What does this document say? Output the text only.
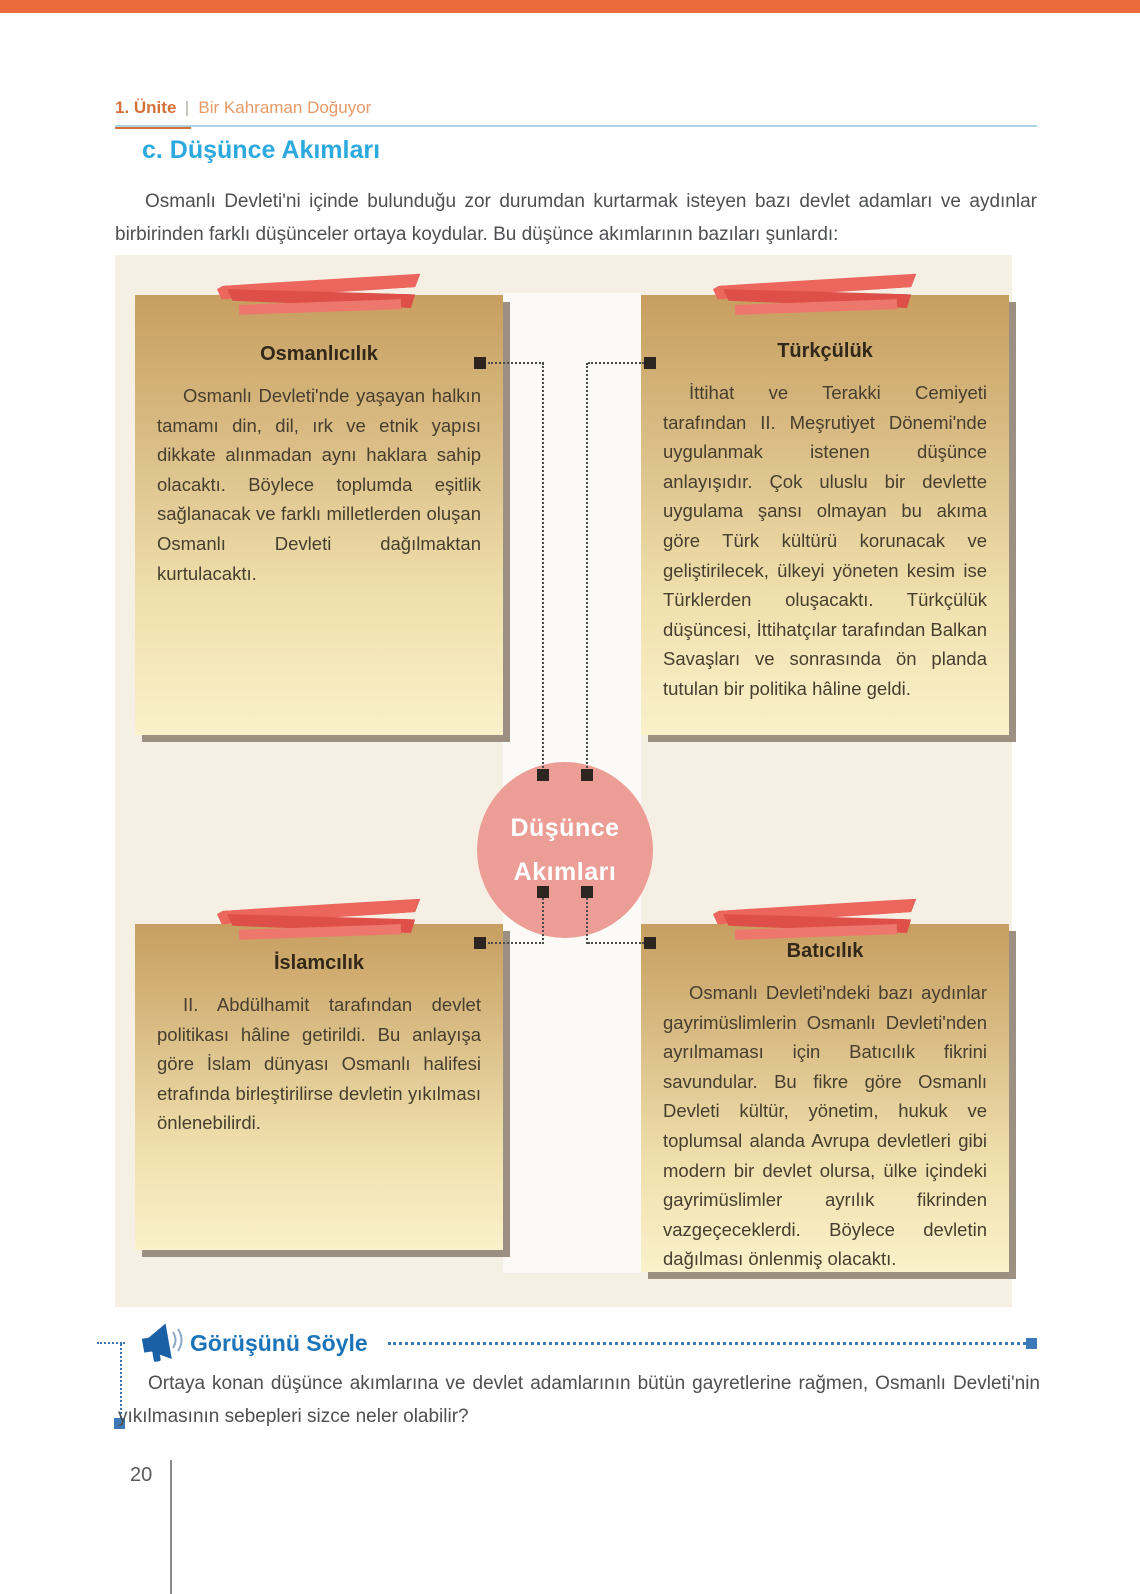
1. Ünite Bir Kahraman Doğuyor
c. Düşünce Akımları
Osmanlı Devleti'ni içinde bulunduğu zor durumdan kurtarmak isteyen bazı devlet adamları ve aydınlar birbirinden farklı düşünceler ortaya koydular. Bu düşünce akımlarının bazıları şunlardı:
Osmanlıcılık
Osmanlı Devleti'nde yaşayan halkın tamamı din, dil, ırk ve etnik yapısı dikkate alınmadan aynı haklara sahip olacaktı. Böylece toplumda eşitlik sağlanacak ve farklı milletlerden oluşan Osmanlı Devleti dağılmaktan kurtulacaktı.
Türkçülük
İttihat ve Terakki Cemiyeti tarafından II. Meşrutiyet Dönemi'nde uygulanmak istenen düşünce anlayışıdır. Çok uluslu bir devlette uygulama şansı olmayan bu akıma göre Türk kültürü korunacak ve geliştirilecek, ülkeyi yöneten kesim ise Türklerden oluşacaktı. Türkçülük düşüncesi, İttihatçılar tarafından Balkan Savaşları ve sonrasında ön planda tutulan bir politika hâline geldi.
İslamcılık
II. Abdülhamit tarafından devlet politikası hâline getirildi. Bu anlayışa göre İslam dünyası Osmanlı halifesi etrafında birleştirilirse devletin yıkılması önlenebilirdi.
Batıcılık
Osmanlı Devleti'ndeki bazı aydınlar gayrimüslimlerin Osmanlı Devleti'nden ayrılmaması için Batıcılık fikrini savundular. Bu fikre göre Osmanlı Devleti kültür, yönetim, hukuk ve toplumsal alanda Avrupa devletleri gibi modern bir devlet olursa, ülke içindeki gayrimüslimler ayrılık fikrinden vazgeçeceklerdi. Böylece devletin dağılması önlenmiş olacaktı.
Düşünce
Akımları
Görüşünü Söyle
Ortaya konan düşünce akımlarına ve devlet adamlarının bütün gayretlerine rağmen, Osmanlı Devleti'nin yıkılmasının sebepleri sizce neler olabilir?
20
